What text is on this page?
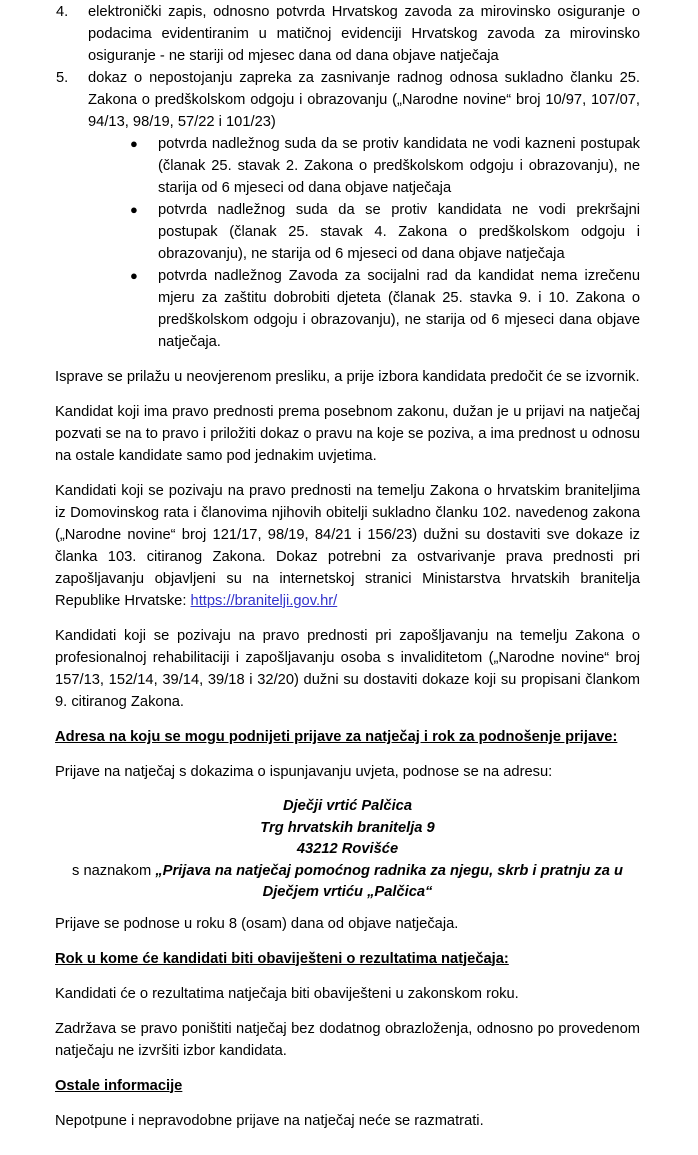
4.	elektronički zapis, odnosno potvrda Hrvatskog zavoda za mirovinsko osiguranje o podacima evidentiranim u matičnoj evidenciji Hrvatskog zavoda za mirovinsko osiguranje - ne stariji od mjesec dana od dana objave natječaja
5.	dokaz o nepostojanju zapreka za zasnivanje radnog odnosa sukladno članku 25. Zakona o predškolskom odgoju i obrazovanju („Narodne novine“ broj 10/97, 107/07, 94/13, 98/19, 57/22 i 101/23)
●	potvrda nadležnog suda da se protiv kandidata ne vodi kazneni postupak (članak 25. stavak 2. Zakona o predškolskom odgoju i obrazovanju), ne starija od 6 mjeseci od dana objave natječaja
●	potvrda nadležnog suda da se protiv kandidata ne vodi prekršajni postupak (članak 25. stavak 4. Zakona o predškolskom odgoju i obrazovanju), ne starija od 6 mjeseci od dana objave natječaja
●	potvrda nadležnog Zavoda za socijalni rad da kandidat nema izrečenu mjeru za zaštitu dobrobiti djeteta (članak 25. stavka 9. i 10. Zakona o predškolskom odgoju i obrazovanju), ne starija od 6 mjeseci dana objave natječaja.

Isprave se prilažu u neovjerenom presliku, a prije izbora kandidata predočit će se izvornik.

Kandidat koji ima pravo prednosti prema posebnom zakonu, dužan je u prijavi na natječaj pozvati se na to pravo i priložiti dokaz o pravu na koje se poziva, a ima prednost u odnosu na ostale kandidate samo pod jednakim uvjetima.

Kandidati koji se pozivaju na pravo prednosti na temelju Zakona o hrvatskim braniteljima iz Domovinskog rata i članovima njihovih obitelji sukladno članku 102. navedenog zakona („Narodne novine“ broj 121/17, 98/19, 84/21 i 156/23) dužni su dostaviti sve dokaze iz članka 103. citiranog Zakona. Dokaz potrebni za ostvarivanje prava prednosti pri zapošljavanju objavljeni su na internetskoj stranici Ministarstva hrvatskih branitelja Republike Hrvatske: https://branitelji.gov.hr/

Kandidati koji se pozivaju na pravo prednosti pri zapošljavanju na temelju Zakona o profesionalnoj rehabilitaciji i zapošljavanju osoba s invaliditetom („Narodne novine“ broj 157/13, 152/14, 39/14, 39/18 i 32/20) dužni su dostaviti dokaze koji su propisani člankom 9. citiranog Zakona.

Adresa na koju se mogu podnijeti prijave za natječaj i rok za podnošenje prijave:

Prijave na natječaj s dokazima o ispunjavanju uvjeta, podnose se na adresu:

Dječji vrtić Palčica
Trg hrvatskih branitelja 9
43212 Rovišće
s naznakom „Prijava na natječaj pomoćnog radnika za njegu, skrb i pratnju za u Dječjem vrtiću „Palčica“

Prijave se podnose u roku 8 (osam) dana od objave natječaja.

Rok u kome će kandidati biti obaviješteni o rezultatima natječaja:

Kandidati će o rezultatima natječaja biti obaviješteni u zakonskom roku.

Zadržava se pravo poništiti natječaj bez dodatnog obrazloženja, odnosno po provedenom natječaju ne izvršiti izbor kandidata.

Ostale informacije

Nepotpune i nepravodobne prijave na natječaj neće se razmatrati.
